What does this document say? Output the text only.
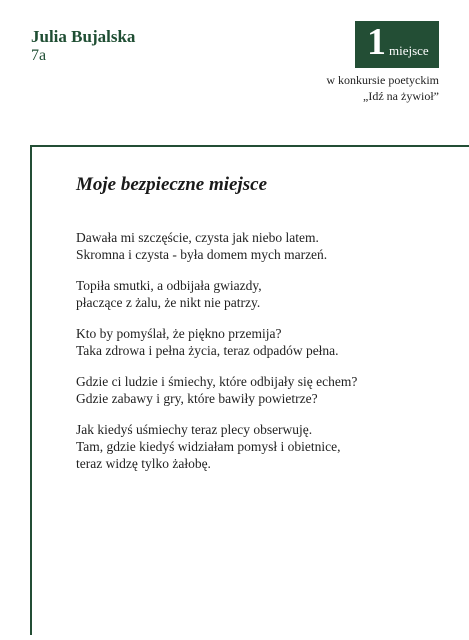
Julia Bujalska
7a	1 miejsce
w konkursie poetyckim
„Idź na żywioł”
Moje bezpieczne miejsce
Dawała mi szczęście, czysta jak niebo latem.
Skromna i czysta - była domem mych marzeń.
Topiła smutki, a odbijała gwiazdy,
płaczące z żalu, że nikt nie patrzy.
Kto by pomyślał, że piękno przemija?
Taka zdrowa i pełna życia, teraz odpadów pełna.
Gdzie ci ludzie i śmiechy, które odbijały się echem?
Gdzie zabawy i gry, które bawiły powietrze?
Jak kiedyś uśmiechy teraz plecy obserwuję.
Tam, gdzie kiedyś widziałam pomysł i obietnice,
teraz widzę tylko żałobę.
